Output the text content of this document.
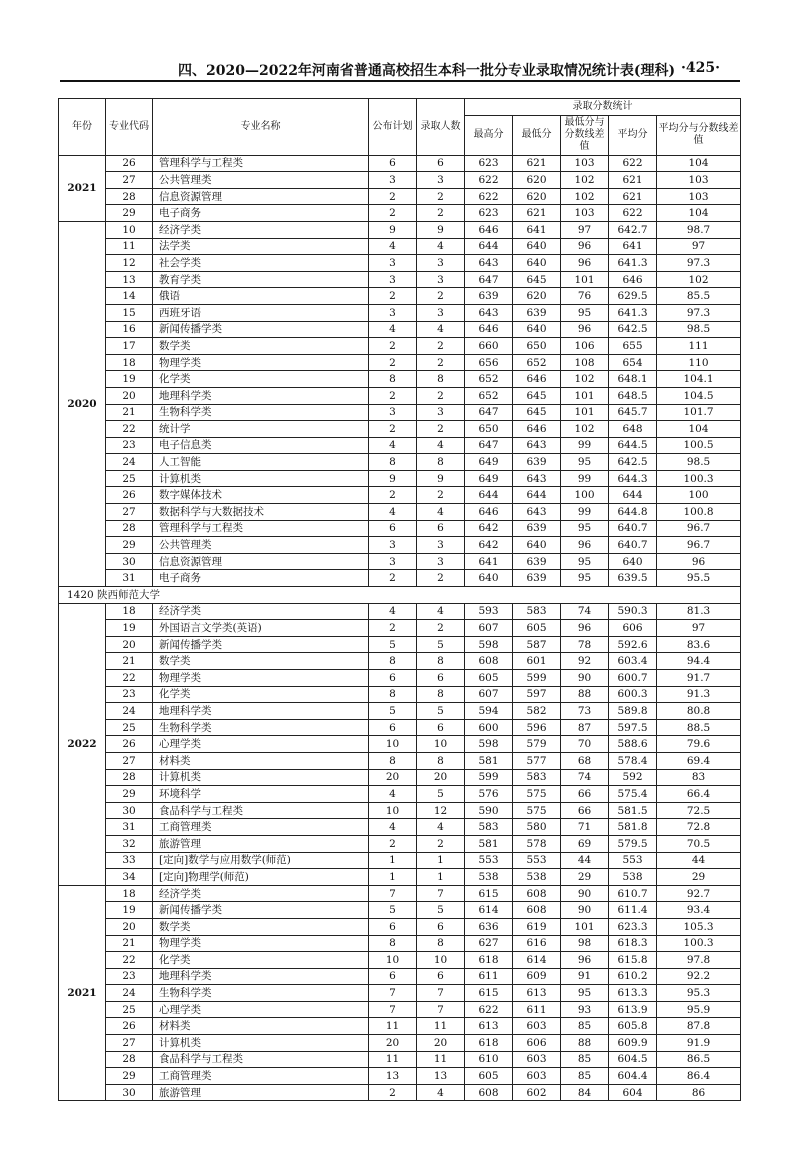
四、2020—2022年河南省普通高校招生本科一批分专业录取情况统计表(理科) ·425·
年份	专业代码	专业名称	公布计划	录取人数	录取分数统计				
					最高分	最低分	最低分与分数线差值	平均分	平均分与分数线差值
2021	26	管理科学与工程类	6	6	623	621	103	622	104
	27	公共管理类	3	3	622	620	102	621	103
	28	信息资源管理	2	2	622	620	102	621	103
	29	电子商务	2	2	623	621	103	622	104
2020	10	经济学类	9	9	646	641	97	642.7	98.7
	11	法学类	4	4	644	640	96	641	97
	12	社会学类	3	3	643	640	96	641.3	97.3
	13	教育学类	3	3	647	645	101	646	102
	14	俄语	2	2	639	620	76	629.5	85.5
	15	西班牙语	3	3	643	639	95	641.3	97.3
	16	新闻传播学类	4	4	646	640	96	642.5	98.5
	17	数学类	2	2	660	650	106	655	111
	18	物理学类	2	2	656	652	108	654	110
	19	化学类	8	8	652	646	102	648.1	104.1
	20	地理科学类	2	2	652	645	101	648.5	104.5
	21	生物科学类	3	3	647	645	101	645.7	101.7
	22	统计学	2	2	650	646	102	648	104
	23	电子信息类	4	4	647	643	99	644.5	100.5
	24	人工智能	8	8	649	639	95	642.5	98.5
	25	计算机类	9	9	649	643	99	644.3	100.3
	26	数字媒体技术	2	2	644	644	100	644	100
	27	数据科学与大数据技术	4	4	646	643	99	644.8	100.8
	28	管理科学与工程类	6	6	642	639	95	640.7	96.7
	29	公共管理类	3	3	642	640	96	640.7	96.7
	30	信息资源管理	3	3	641	639	95	640	96
	31	电子商务	2	2	640	639	95	639.5	95.5
1420 陕西师范大学									
2022	18	经济学类	4	4	593	583	74	590.3	81.3
	19	外国语言文学类(英语)	2	2	607	605	96	606	97
	20	新闻传播学类	5	5	598	587	78	592.6	83.6
	21	数学类	8	8	608	601	92	603.4	94.4
	22	物理学类	6	6	605	599	90	600.7	91.7
	23	化学类	8	8	607	597	88	600.3	91.3
	24	地理科学类	5	5	594	582	73	589.8	80.8
	25	生物科学类	6	6	600	596	87	597.5	88.5
	26	心理学类	10	10	598	579	70	588.6	79.6
	27	材料类	8	8	581	577	68	578.4	69.4
	28	计算机类	20	20	599	583	74	592	83
	29	环境科学	4	5	576	575	66	575.4	66.4
	30	食品科学与工程类	10	12	590	575	66	581.5	72.5
	31	工商管理类	4	4	583	580	71	581.8	72.8
	32	旅游管理	2	2	581	578	69	579.5	70.5
	33	[定向]数学与应用数学(师范)	1	1	553	553	44	553	44
	34	[定向]物理学(师范)	1	1	538	538	29	538	29
2021	18	经济学类	7	7	615	608	90	610.7	92.7
	19	新闻传播学类	5	5	614	608	90	611.4	93.4
	20	数学类	6	6	636	619	101	623.3	105.3
	21	物理学类	8	8	627	616	98	618.3	100.3
	22	化学类	10	10	618	614	96	615.8	97.8
	23	地理科学类	6	6	611	609	91	610.2	92.2
	24	生物科学类	7	7	615	613	95	613.3	95.3
	25	心理学类	7	7	622	611	93	613.9	95.9
	26	材料类	11	11	613	603	85	605.8	87.8
	27	计算机类	20	20	618	606	88	609.9	91.9
	28	食品科学与工程类	11	11	610	603	85	604.5	86.5
	29	工商管理类	13	13	605	603	85	604.4	86.4
	30	旅游管理	2	4	608	602	84	604	86
